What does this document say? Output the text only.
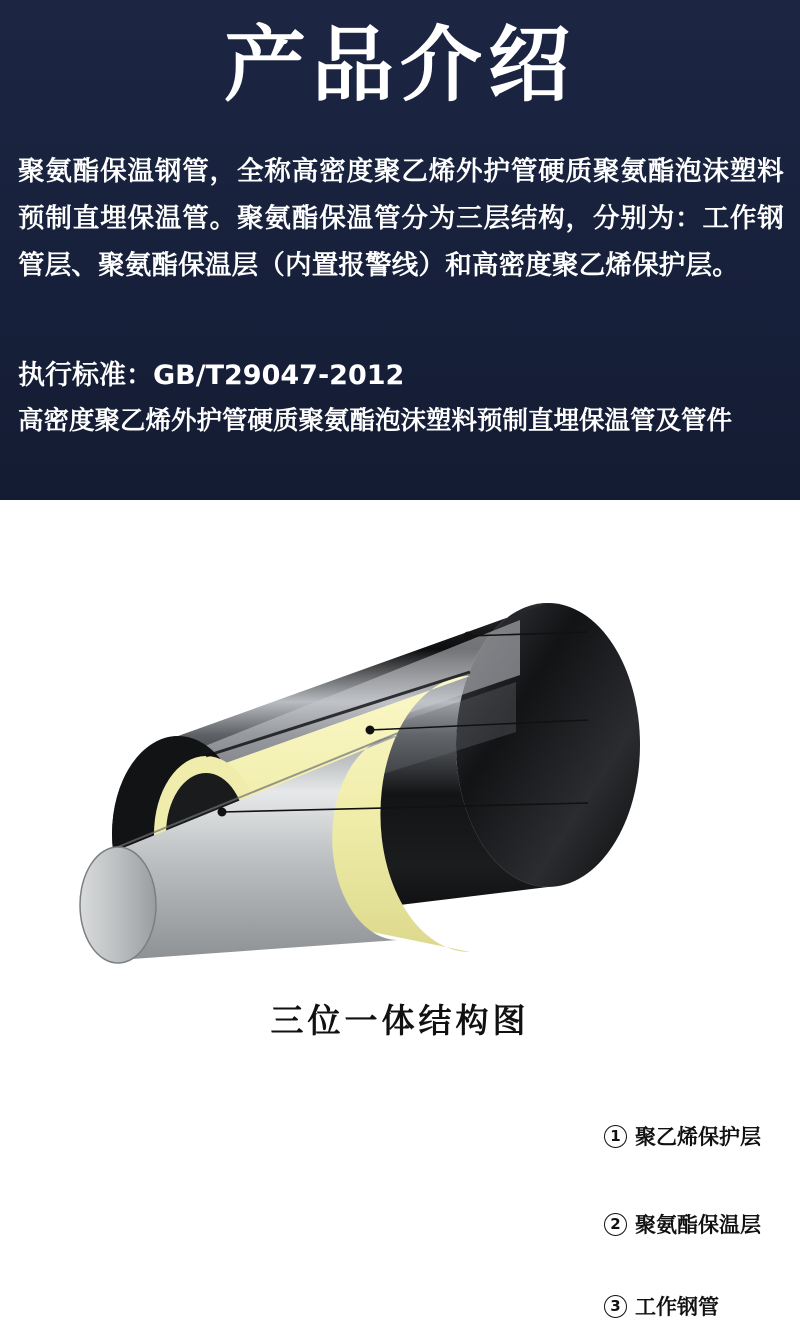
产品介绍
聚氨酯保温钢管，全称高密度聚乙烯外护管硬质聚氨酯泡沫塑料预制直埋保温管。聚氨酯保温管分为三层结构，分别为：工作钢管层、聚氨酯保温层（内置报警线）和高密度聚乙烯保护层。
执行标准：GB/T29047-2012
高密度聚乙烯外护管硬质聚氨酯泡沫塑料预制直埋保温管及管件
1 聚乙烯保护层
2 聚氨酯保温层
3 工作钢管
三位一体结构图
